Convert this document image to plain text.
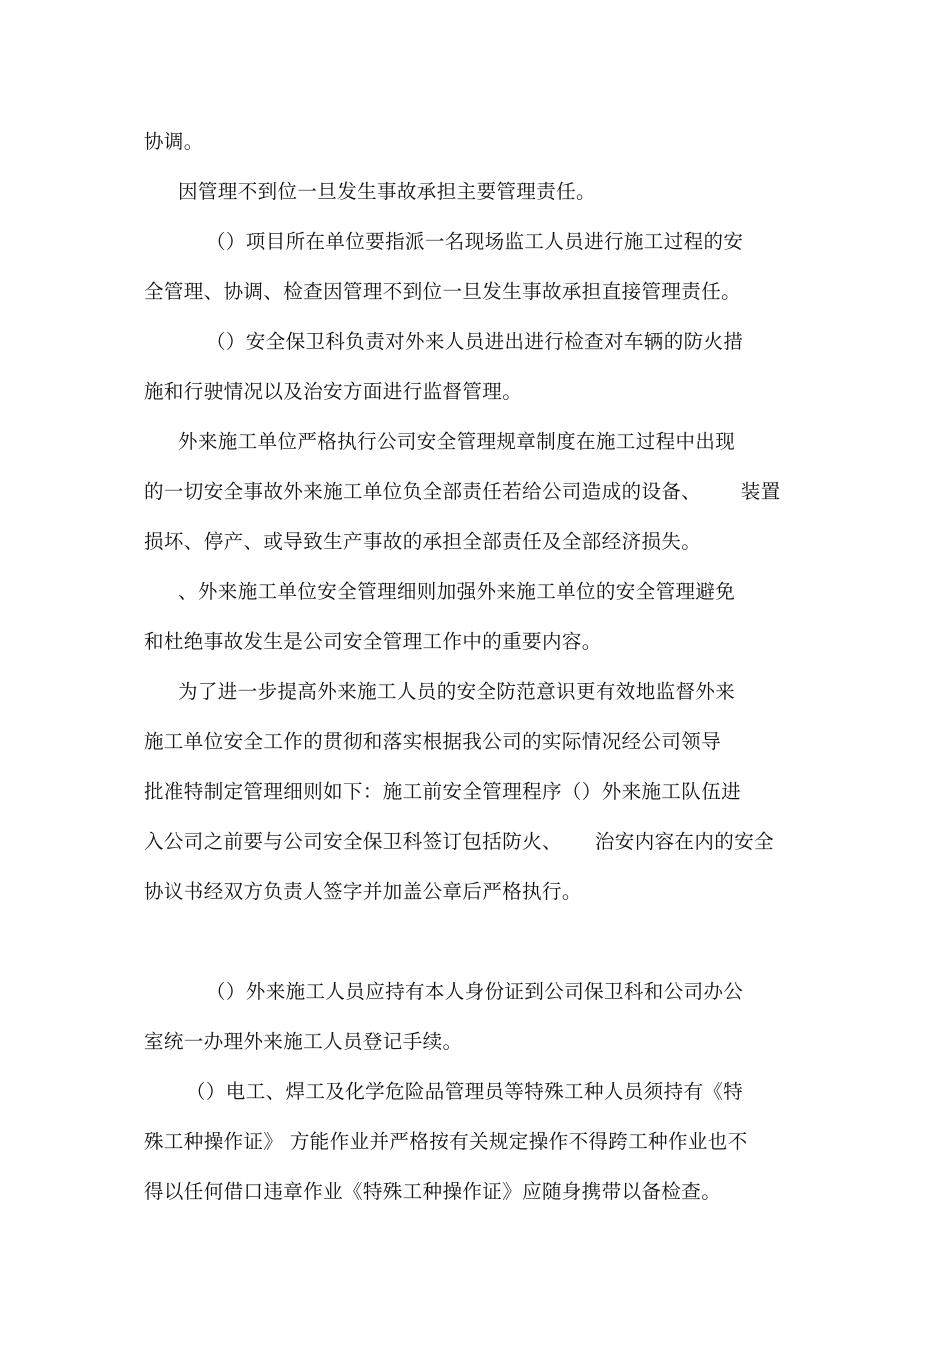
协调。
因管理不到位一旦发生事故承担主要管理责任。
（）项目所在单位要指派一名现场监工人员进行施工过程的安
全管理、协调、检查因管理不到位一旦发生事故承担直接管理责任。
（）安全保卫科负责对外来人员进出进行检查对车辆的防火措
施和行驶情况以及治安方面进行监督管理。
外来施工单位严格执行公司安全管理规章制度在施工过程中出现
的一切安全事故外来施工单位负全部责任若给公司造成的设备、      装置
损坏、停产、或导致生产事故的承担全部责任及全部经济损失。
、外来施工单位安全管理细则加强外来施工单位的安全管理避免
和杜绝事故发生是公司安全管理工作中的重要内容。
为了进一步提高外来施工人员的安全防范意识更有效地监督外来
施工单位安全工作的贯彻和落实根据我公司的实际情况经公司领导
批准特制定管理细则如下：施工前安全管理程序（）外来施工队伍进
入公司之前要与公司安全保卫科签订包括防火、     治安内容在内的安全
协议书经双方负责人签字并加盖公章后严格执行。
（）外来施工人员应持有本人身份证到公司保卫科和公司办公
室统一办理外来施工人员登记手续。
（）电工、焊工及化学危险品管理员等特殊工种人员须持有《特
殊工种操作证》 方能作业并严格按有关规定操作不得跨工种作业也不
得以任何借口违章作业《特殊工种操作证》应随身携带以备检查。
